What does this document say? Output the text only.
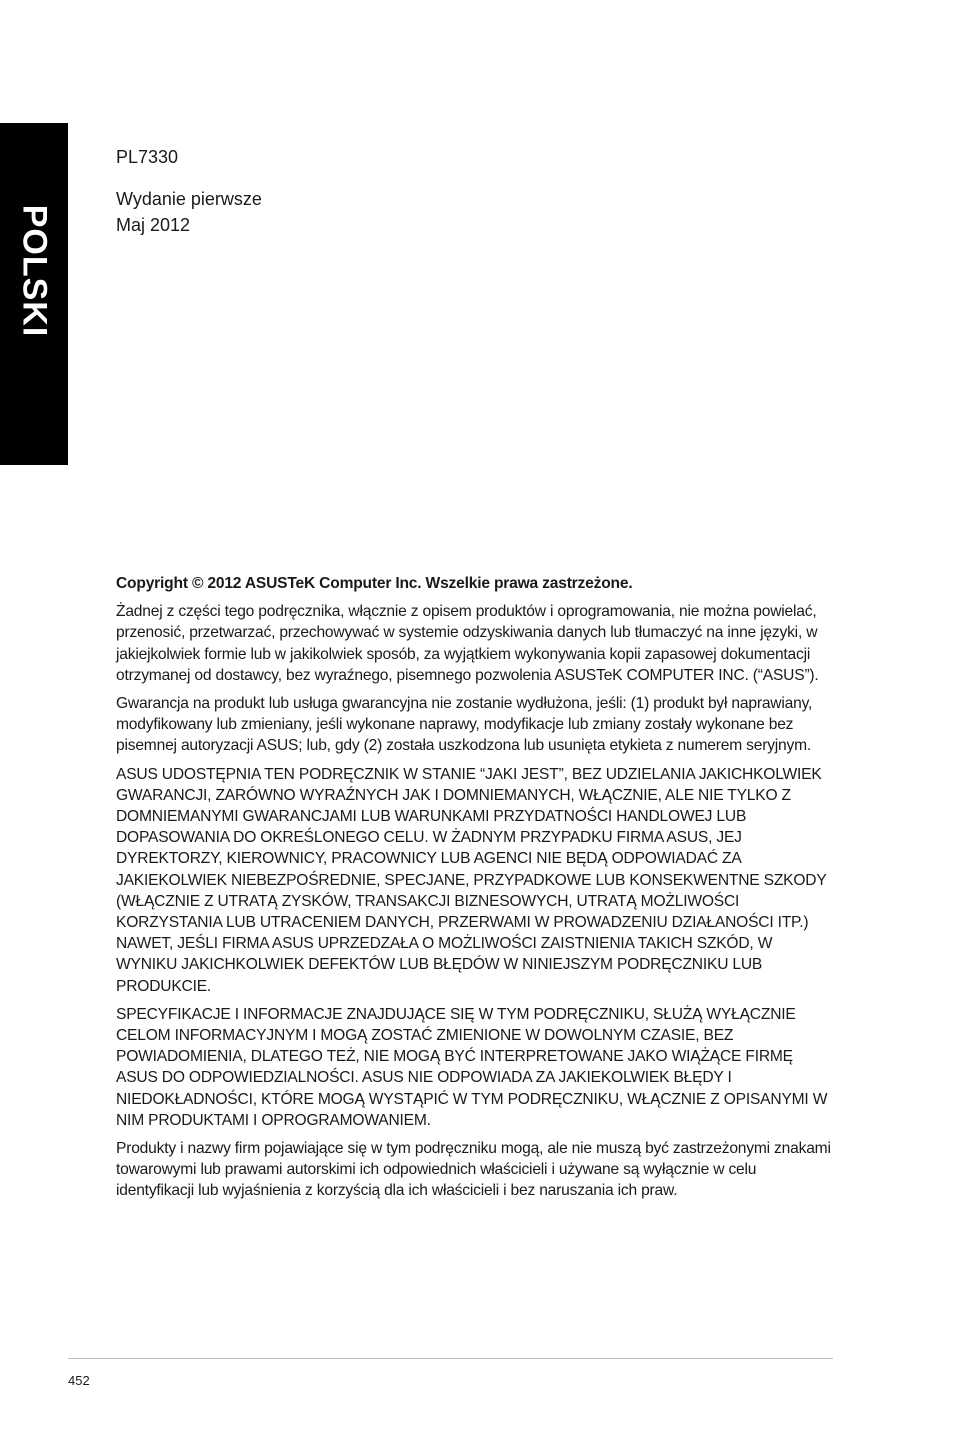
POLSKI

PL7330

Wydanie pierwsze
Maj 2012

Copyright © 2012 ASUSTeK Computer Inc. Wszelkie prawa zastrzeżone.

Żadnej z części tego podręcznika, włącznie z opisem produktów i oprogramowania, nie można powielać, przenosić, przetwarzać, przechowywać w systemie odzyskiwania danych lub tłumaczyć na inne języki, w jakiejkolwiek formie lub w jakikolwiek sposób, za wyjątkiem wykonywania kopii zapasowej dokumentacji otrzymanej od dostawcy, bez wyraźnego, pisemnego pozwolenia ASUSTeK COMPUTER INC. (“ASUS”).

Gwarancja na produkt lub usługa gwarancyjna nie zostanie wydłużona, jeśli: (1) produkt był naprawiany, modyfikowany lub zmieniany, jeśli wykonane naprawy, modyfikacje lub zmiany zostały wykonane bez pisemnej autoryzacji ASUS; lub, gdy (2) została uszkodzona lub usunięta etykieta z numerem seryjnym.

ASUS UDOSTĘPNIA TEN PODRĘCZNIK W STANIE “JAKI JEST”, BEZ UDZIELANIA JAKICHKOLWIEK GWARANCJI, ZARÓWNO WYRAŹNYCH JAK I DOMNIEMANYCH, WŁĄCZNIE, ALE NIE TYLKO Z DOMNIEMANYMI GWARANCJAMI LUB WARUNKAMI PRZYDATNOŚCI HANDLOWEJ LUB DOPASOWANIA DO OKREŚLONEGO CELU. W ŻADNYM PRZYPADKU FIRMA ASUS, JEJ DYREKTORZY, KIEROWNICY, PRACOWNICY LUB AGENCI NIE BĘDĄ ODPOWIADAĆ ZA JAKIEKOLWIEK NIEBEZPOŚREDNIE, SPECJANE, PRZYPADKOWE LUB KONSEKWENTNE SZKODY (WŁĄCZNIE Z UTRATĄ ZYSKÓW, TRANSAKCJI BIZNESOWYCH, UTRATĄ MOŻLIWOŚCI KORZYSTANIA LUB UTRACENIEM DANYCH, PRZERWAMI W PROWADZENIU DZIAŁANOŚCI ITP.) NAWET, JEŚLI FIRMA ASUS UPRZEDZAŁA O MOŻLIWOŚCI ZAISTNIENIA TAKICH SZKÓD, W WYNIKU JAKICHKOLWIEK DEFEKTÓW LUB BŁĘDÓW W NINIEJSZYM PODRĘCZNIKU LUB PRODUKCIE.

SPECYFIKACJE I INFORMACJE ZNAJDUJĄCE SIĘ W TYM PODRĘCZNIKU, SŁUŻĄ WYŁĄCZNIE CELOM INFORMACYJNYM I MOGĄ ZOSTAĆ ZMIENIONE W DOWOLNYM CZASIE, BEZ POWIADOMIENIA, DLATEGO TEŻ, NIE MOGĄ BYĆ INTERPRETOWANE JAKO WIĄŻĄCE FIRMĘ ASUS DO ODPOWIEDZIALNOŚCI. ASUS NIE ODPOWIADA ZA JAKIEKOLWIEK BŁĘDY I NIEDOKŁADNOŚCI, KTÓRE MOGĄ WYSTĄPIĆ W TYM PODRĘCZNIKU, WŁĄCZNIE Z OPISANYMI W NIM PRODUKTAMI I OPROGRAMOWANIEM.

Produkty i nazwy firm pojawiające się w tym podręczniku mogą, ale nie muszą być zastrzeżonymi znakami towarowymi lub prawami autorskimi ich odpowiednich właścicieli i używane są wyłącznie w celu identyfikacji lub wyjaśnienia z korzyścią dla ich właścicieli i bez naruszania ich praw.

452
